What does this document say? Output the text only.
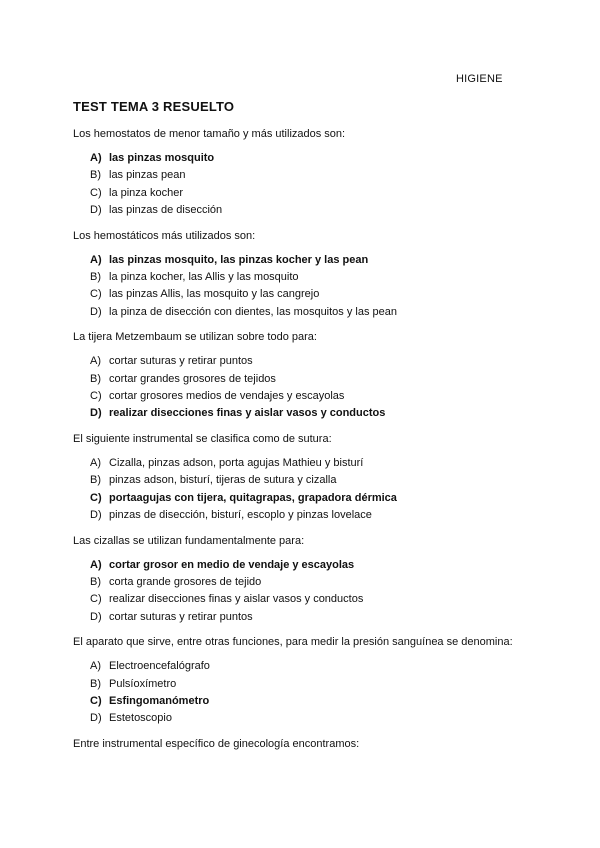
HIGIENE
TEST TEMA 3 RESUELTO
Los hemostatos de menor tamaño y más utilizados son:
A) las pinzas mosquito
B) las pinzas pean
C) la pinza kocher
D) las pinzas de disección
Los hemostáticos más utilizados son:
A) las pinzas mosquito, las pinzas kocher y las pean
B) la pinza kocher, las Allis y las mosquito
C) las pinzas Allis, las mosquito y las cangrejo
D) la pinza de disección con dientes, las mosquitos y las pean
La tijera Metzembaum se utilizan sobre todo para:
A) cortar suturas y retirar puntos
B) cortar grandes grosores de tejidos
C) cortar grosores medios de vendajes y escayolas
D) realizar disecciones finas y aislar vasos y conductos
El siguiente instrumental se clasifica como de sutura:
A) Cizalla, pinzas adson, porta agujas Mathieu y bisturí
B) pinzas adson, bisturí, tijeras de sutura y cizalla
C) portaagujas con tijera, quitagrapas, grapadora dérmica
D) pinzas de disección, bisturí, escoplo y pinzas lovelace
Las cizallas se utilizan fundamentalmente para:
A) cortar grosor en medio de vendaje y escayolas
B) corta grande grosores de tejido
C) realizar disecciones finas y aislar vasos y conductos
D) cortar suturas y retirar puntos
El aparato que sirve, entre otras funciones, para medir la presión sanguínea se denomina:
A) Electroencefalógrafo
B) Pulsíoxímetro
C) Esfingomanómetro
D) Estetoscopio
Entre instrumental específico de ginecología encontramos:
